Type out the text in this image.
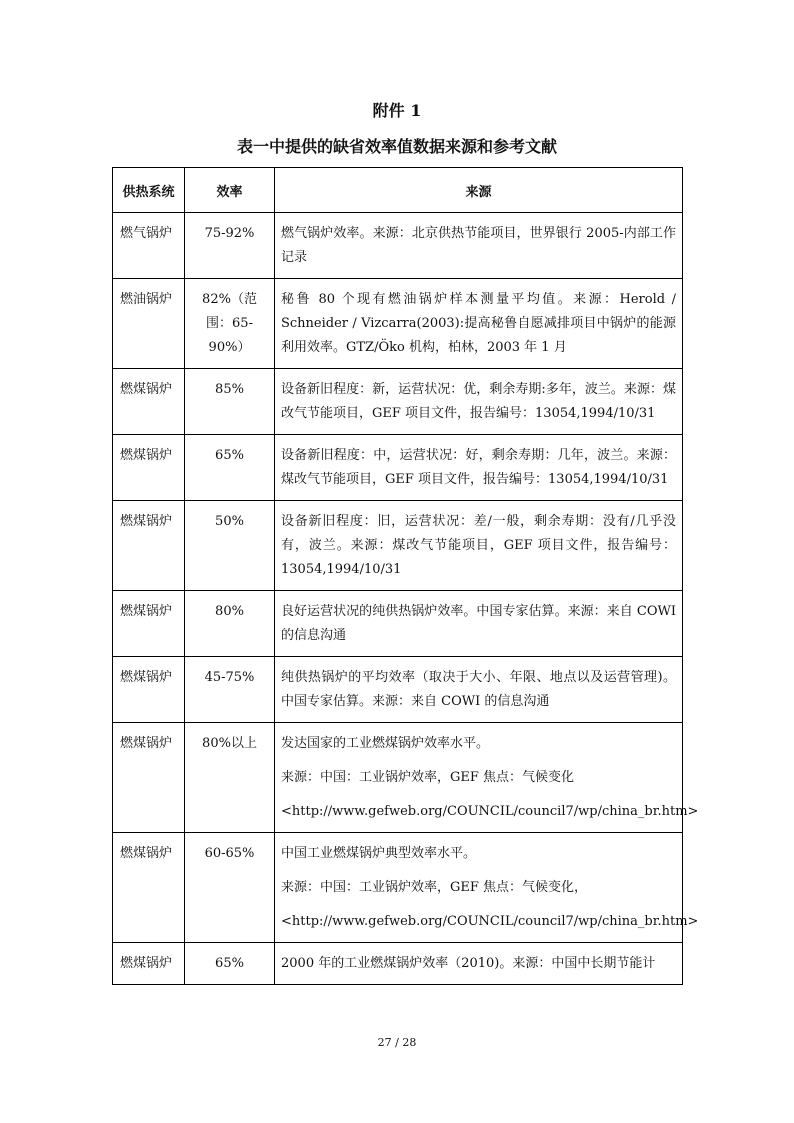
附件 1
表一中提供的缺省效率值数据来源和参考文献
供热系统	效率	来源
燃气锅炉	75-92%	燃气锅炉效率。来源：北京供热节能项目，世界银行 2005-内部工作记录

燃油锅炉	82%（范围：65-90%）	秘鲁 80 个现有燃油锅炉样本测量平均值。来源：Herold / Schneider / Vizcarra(2003):提高秘鲁自愿减排项目中锅炉的能源利用效率。GTZ/Öko 机构，柏林，2003 年 1 月

燃煤锅炉	85%	设备新旧程度：新，运营状况：优，剩余寿期:多年，波兰。来源：煤改气节能项目，GEF 项目文件，报告编号：13054,1994/10/31

燃煤锅炉	65%	设备新旧程度：中，运营状况：好，剩余寿期：几年，波兰。来源：煤改气节能项目，GEF 项目文件，报告编号：13054,1994/10/31

燃煤锅炉	50%	设备新旧程度：旧，运营状况：差/一般，剩余寿期：没有/几乎没有，波兰。来源：煤改气节能项目，GEF 项目文件，报告编号：13054,1994/10/31

燃煤锅炉	80%	良好运营状况的纯供热锅炉效率。中国专家估算。来源：来自 COWI 的信息沟通

燃煤锅炉	45-75%	纯供热锅炉的平均效率（取决于大小、年限、地点以及运营管理)。中国专家估算。来源：来自 COWI 的信息沟通

燃煤锅炉	80%以上	发达国家的工业燃煤锅炉效率水平。
来源：中国：工业锅炉效率，GEF 焦点：气候变化
<http://www.gefweb.org/COUNCIL/council7/wp/china_br.htm>

燃煤锅炉	60-65%	中国工业燃煤锅炉典型效率水平。
来源：中国：工业锅炉效率，GEF 焦点：气候变化，
<http://www.gefweb.org/COUNCIL/council7/wp/china_br.htm>

燃煤锅炉	65%	2000 年的工业燃煤锅炉效率（2010)。来源：中国中长期节能计
27 / 28
